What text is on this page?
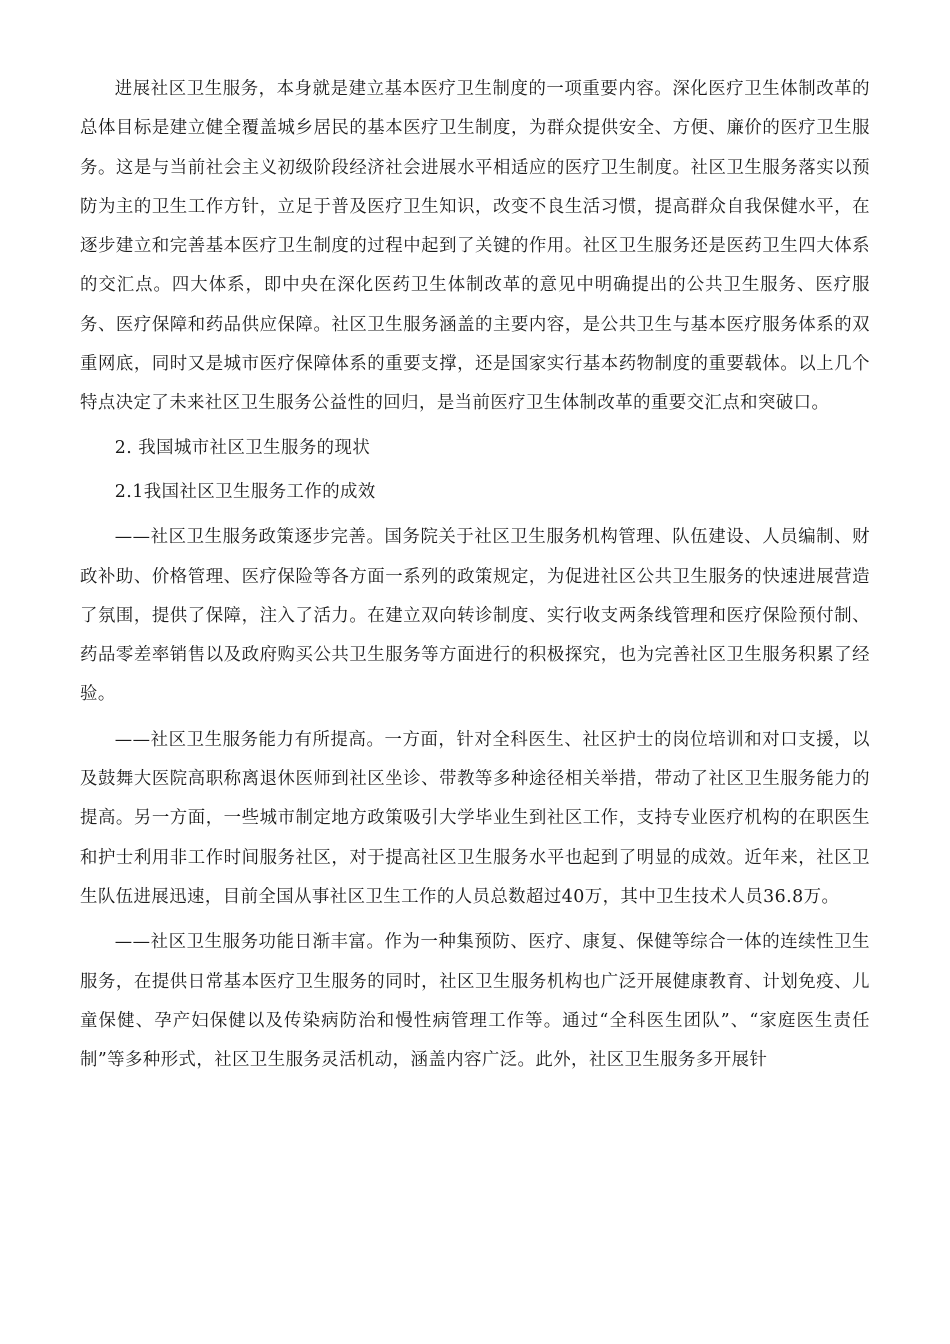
进展社区卫生服务，本身就是建立基本医疗卫生制度的一项重要内容。深化医疗卫生体制改革的总体目标是建立健全覆盖城乡居民的基本医疗卫生制度，为群众提供安全、方便、廉价的医疗卫生服务。这是与当前社会主义初级阶段经济社会进展水平相适应的医疗卫生制度。社区卫生服务落实以预防为主的卫生工作方针，立足于普及医疗卫生知识，改变不良生活习惯，提高群众自我保健水平，在逐步建立和完善基本医疗卫生制度的过程中起到了关键的作用。社区卫生服务还是医药卫生四大体系的交汇点。四大体系，即中央在深化医药卫生体制改革的意见中明确提出的公共卫生服务、医疗服务、医疗保障和药品供应保障。社区卫生服务涵盖的主要内容，是公共卫生与基本医疗服务体系的双重网底，同时又是城市医疗保障体系的重要支撑，还是国家实行基本药物制度的重要载体。以上几个特点决定了未来社区卫生服务公益性的回归，是当前医疗卫生体制改革的重要交汇点和突破口。

2. 我国城市社区卫生服务的现状

2.1我国社区卫生服务工作的成效

——社区卫生服务政策逐步完善。国务院关于社区卫生服务机构管理、队伍建设、人员编制、财政补助、价格管理、医疗保险等各方面一系列的政策规定，为促进社区公共卫生服务的快速进展营造了氛围，提供了保障，注入了活力。在建立双向转诊制度、实行收支两条线管理和医疗保险预付制、药品零差率销售以及政府购买公共卫生服务等方面进行的积极探究，也为完善社区卫生服务积累了经验。

——社区卫生服务能力有所提高。一方面，针对全科医生、社区护士的岗位培训和对口支援，以及鼓舞大医院高职称离退休医师到社区坐诊、带教等多种途径相关举措，带动了社区卫生服务能力的提高。另一方面，一些城市制定地方政策吸引大学毕业生到社区工作，支持专业医疗机构的在职医生和护士利用非工作时间服务社区，对于提高社区卫生服务水平也起到了明显的成效。近年来，社区卫生队伍进展迅速，目前全国从事社区卫生工作的人员总数超过40万，其中卫生技术人员36.8万。

——社区卫生服务功能日渐丰富。作为一种集预防、医疗、康复、保健等综合一体的连续性卫生服务，在提供日常基本医疗卫生服务的同时，社区卫生服务机构也广泛开展健康教育、计划免疫、儿童保健、孕产妇保健以及传染病防治和慢性病管理工作等。通过“全科医生团队”、“家庭医生责任制”等多种形式，社区卫生服务灵活机动，涵盖内容广泛。此外，社区卫生服务多开展针
